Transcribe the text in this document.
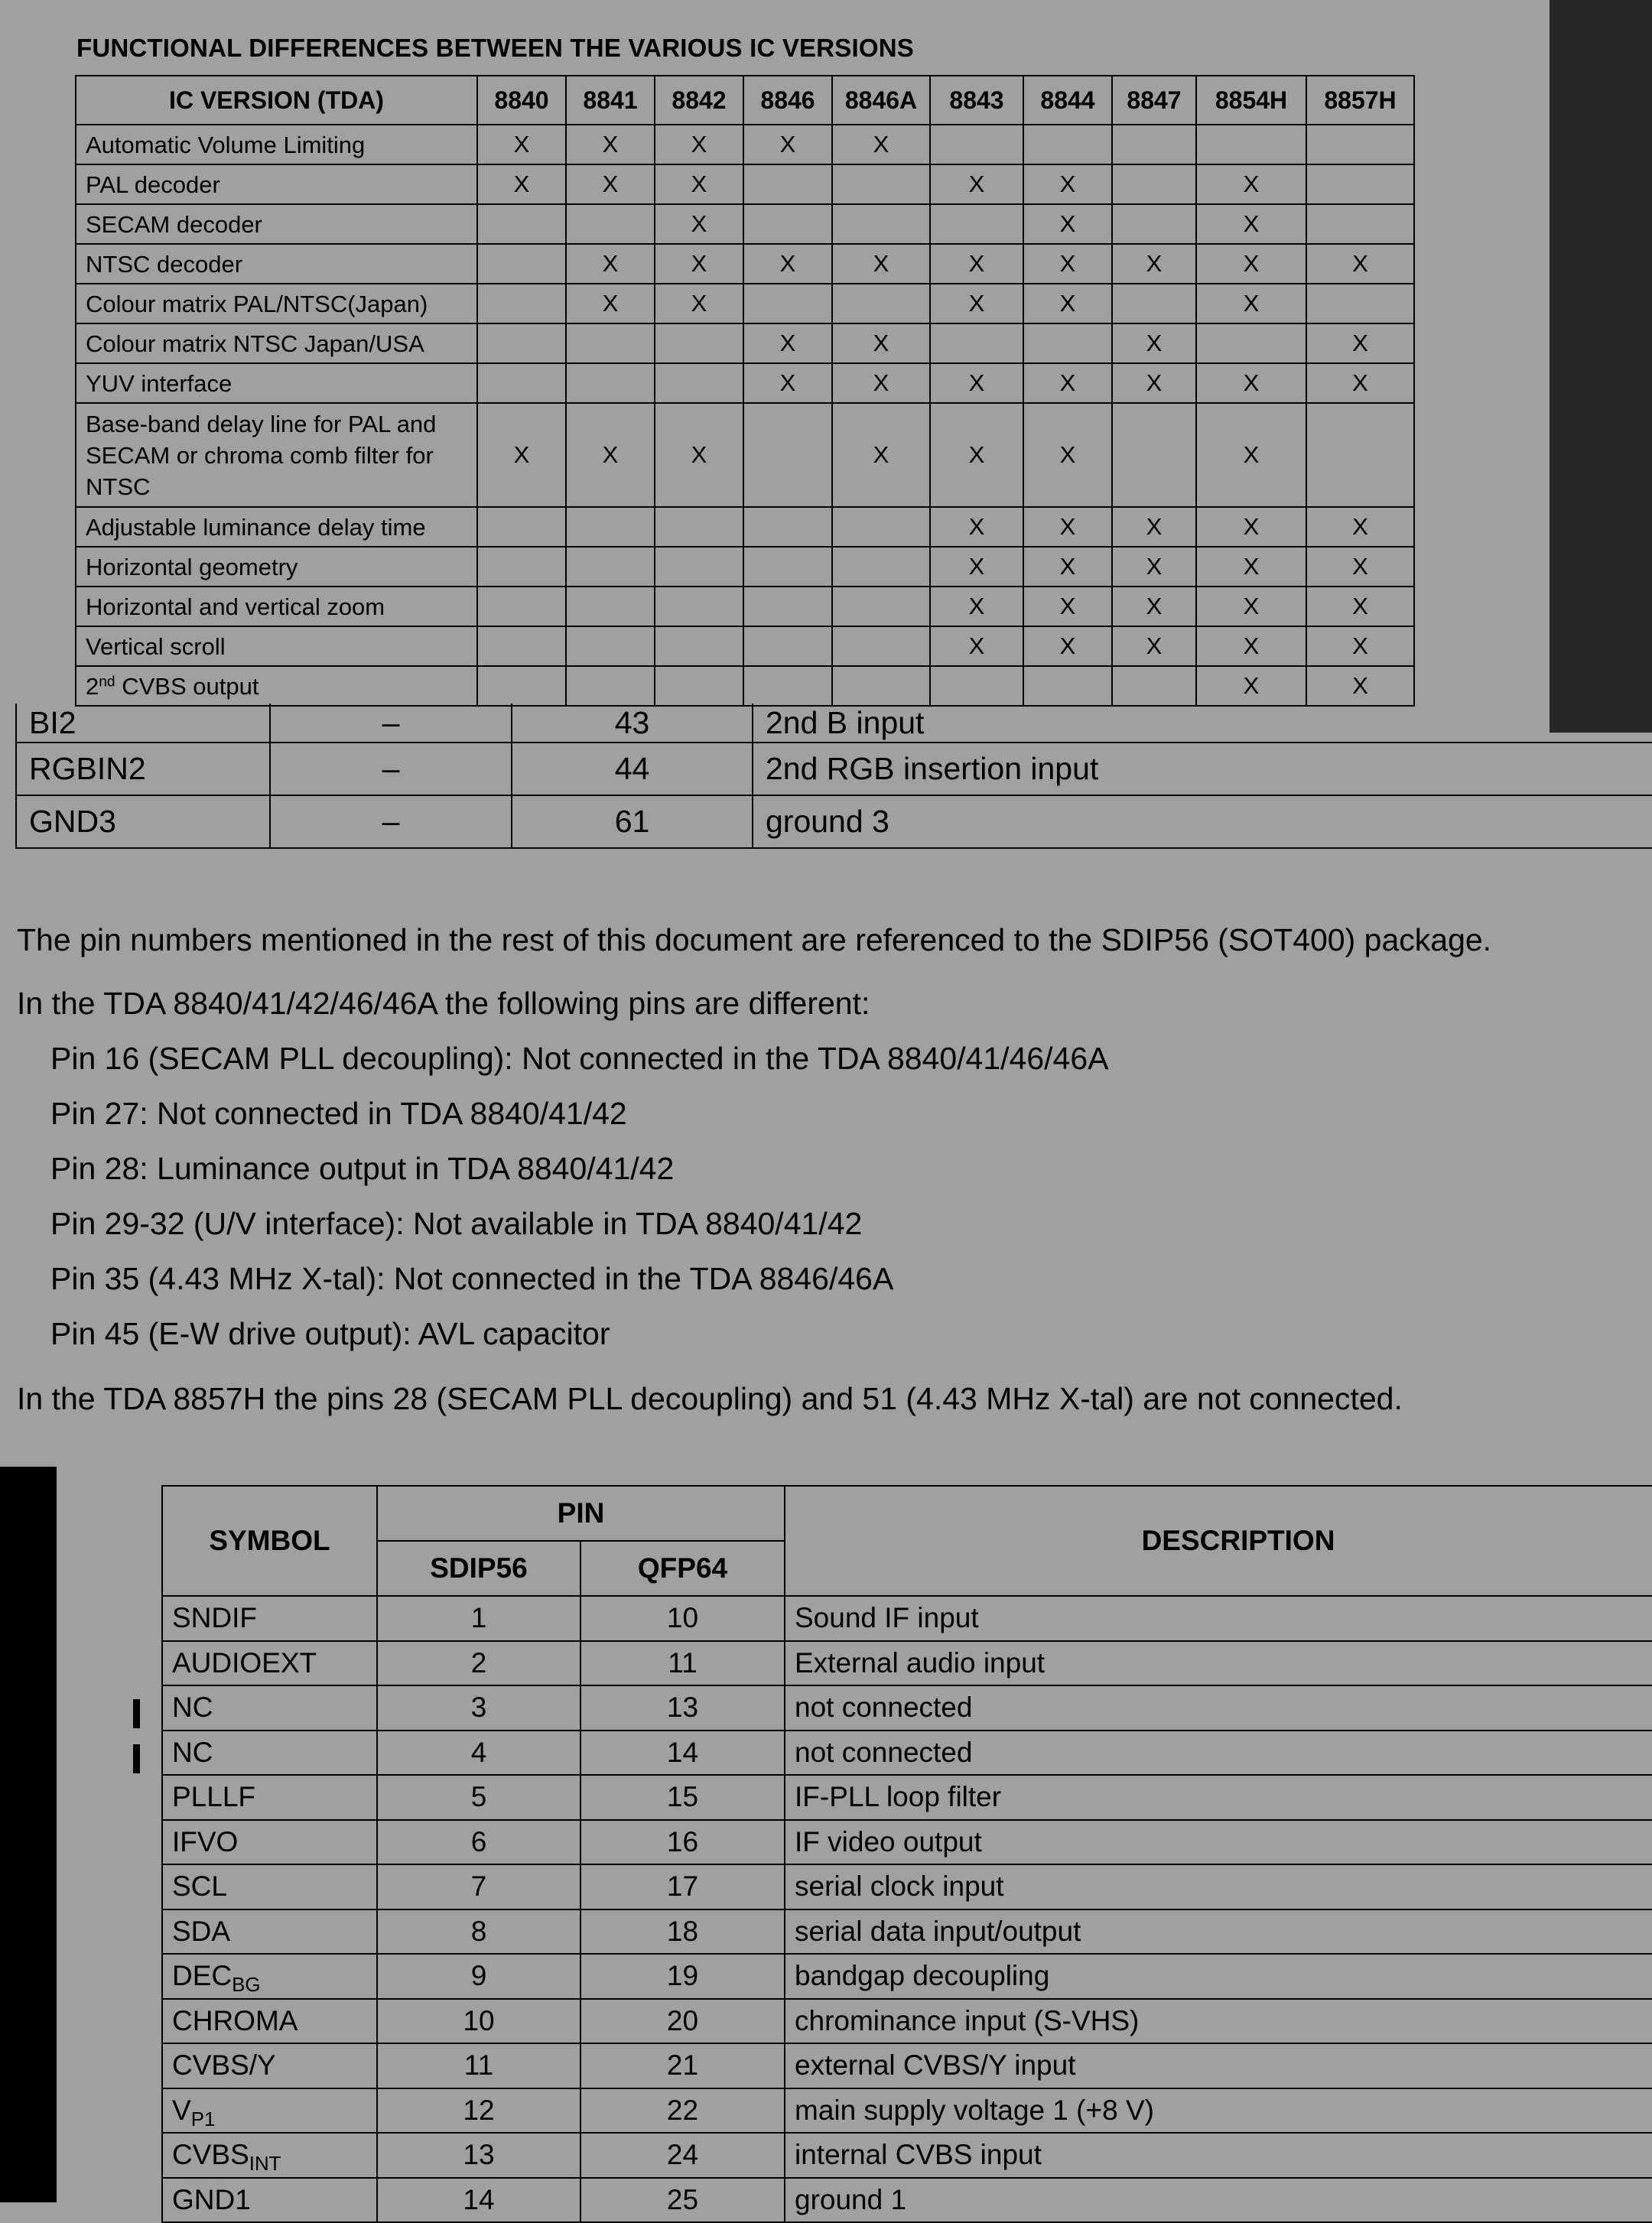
FUNCTIONAL DIFFERENCES BETWEEN THE VARIOUS IC VERSIONS
IC VERSION (TDA)	8840	8841	8842	8846	8846A	8843	8844	8847	8854H	8857H
Automatic Volume Limiting	X	X	X	X	X					
PAL decoder	X	X	X			X	X		X	
SECAM decoder			X				X		X	
NTSC decoder		X	X	X	X	X	X	X	X	X
Colour matrix PAL/NTSC(Japan)		X	X			X	X		X	
Colour matrix NTSC Japan/USA				X	X			X		X
YUV interface				X	X	X	X	X	X	X

Base-band delay line for PAL and
SECAM or chroma comb filter for
NTSC	X	X	X		X	X	X		X	
Adjustable luminance delay time						X	X	X	X	X
Horizontal geometry						X	X	X	X	X
Horizontal and vertical zoom						X	X	X	X	X
Vertical scroll						X	X	X	X	X
2nd CVBS output									X	X
BI2	–	43	2nd B input
RGBIN2	–	44	2nd RGB insertion input
GND3	–	61	ground 3
The pin numbers mentioned in the rest of this document are referenced to the SDIP56 (SOT400) package.
In the TDA 8840/41/42/46/46A the following pins are different:
Pin 16 (SECAM PLL decoupling): Not connected in the TDA 8840/41/46/46A
Pin 27: Not connected in TDA 8840/41/42
Pin 28: Luminance output in TDA 8840/41/42
Pin 29-32 (U/V interface): Not available in TDA 8840/41/42
Pin 35 (4.43 MHz X-tal): Not connected in the TDA 8846/46A
Pin 45 (E-W drive output): AVL capacitor
In the TDA 8857H the pins 28 (SECAM PLL decoupling) and 51 (4.43 MHz X-tal) are not connected.
SYMBOL	PIN		DESCRIPTION
	SDIP56	QFP64	
SNDIF	1	10	Sound IF input
AUDIOEXT	2	11	External audio input
NC	3	13	not connected
NC	4	14	not connected
PLLLF	5	15	IF-PLL loop filter
IFVO	6	16	IF video output
SCL	7	17	serial clock input
SDA	8	18	serial data input/output
$DEC_{BG}$	9	19	bandgap decoupling
CHROMA	10	20	chrominance input (S-VHS)
CVBS/Y	11	21	external CVBS/Y input
$V_{P1}$	12	22	main supply voltage 1 (+8 V)
$CVBS_{INT}$	13	24	internal CVBS input
GND1	14	25	ground 1
